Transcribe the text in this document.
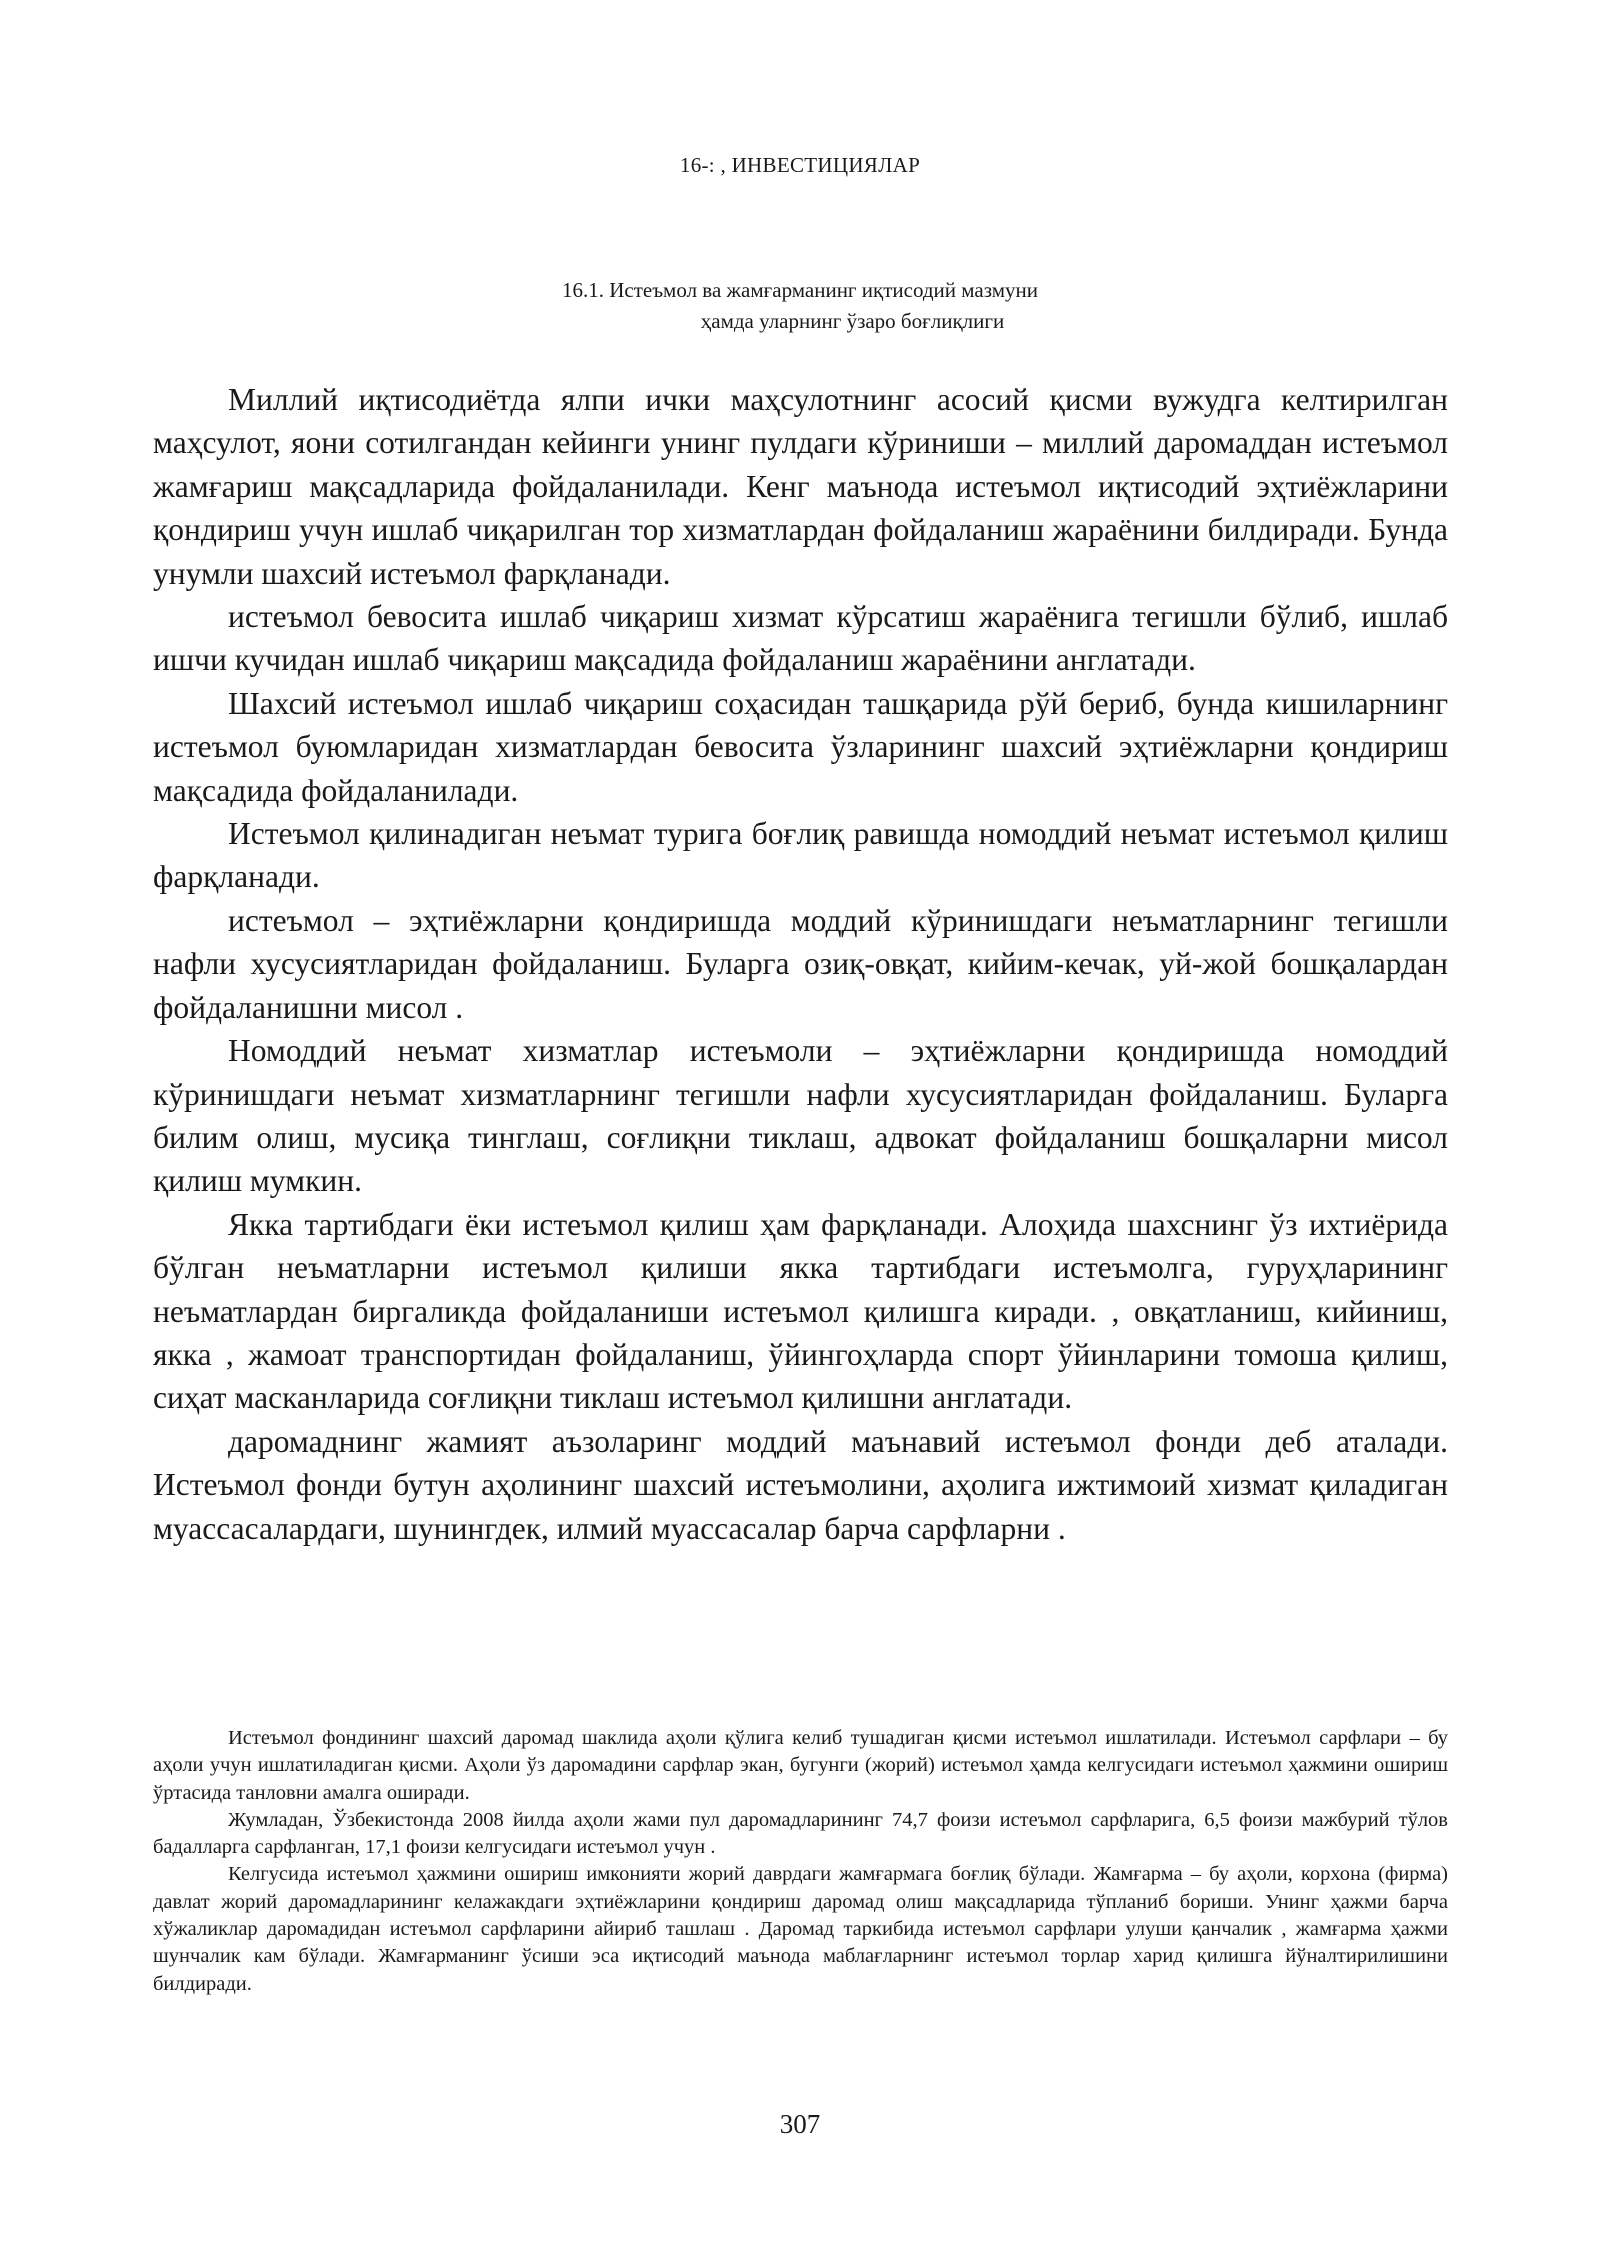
16-: , ИНВЕСТИЦИЯЛАР
16.1. Истеъмол ва жамғарманинг иқтисодий мазмуни
ҳамда уларнинг ўзаро боғлиқлиги

Миллий иқтисодиётда ялпи ички маҳсулотнинг асосий қисми вужудга келтирилган маҳсулот, яони сотилгандан кейинги унинг пулдаги кўриниши – миллий даромаддан истеъмол жамғариш мақсадларида фойдаланилади. Кенг маънода истеъмол иқтисодий эҳтиёжларини қондириш учун ишлаб чиқарилган тор хизматлардан фойдаланиш жараёнини билдиради. Бунда унумли шахсий истеъмол фарқланади.

истеъмол бевосита ишлаб чиқариш хизмат кўрсатиш жараёнига тегишли бўлиб, ишлаб ишчи кучидан ишлаб чиқариш мақсадида фойдаланиш жараёнини англатади.

Шахсий истеъмол ишлаб чиқариш соҳасидан ташқарида рўй бериб, бунда кишиларнинг истеъмол буюмларидан хизматлардан бевосита ўзларининг шахсий эҳтиёжларни қондириш мақсадида фойдаланилади.

Истеъмол қилинадиган неъмат турига боғлиқ равишда номоддий неъмат истеъмол қилиш фарқланади.

истеъмол – эҳтиёжларни қондиришда моддий кўринишдаги неъматларнинг тегишли нафли хусусиятларидан фойдаланиш. Буларга озиқ-овқат, кийим-кечак, уй-жой бошқалардан фойдаланишни мисол .

Номоддий неъмат хизматлар истеъмоли – эҳтиёжларни қондиришда номоддий кўринишдаги неъмат хизматларнинг тегишли нафли хусусиятларидан фойдаланиш. Буларга билим олиш, мусиқа тинглаш, соғлиқни тиклаш, адвокат фойдаланиш бошқаларни мисол қилиш мумкин.

Якка тартибдаги ёки истеъмол қилиш ҳам фарқланади. Алоҳида шахснинг ўз ихтиёрида бўлган неъматларни истеъмол қилиши якка тартибдаги истеъмолга, гуруҳларининг неъматлардан биргаликда фойдаланиши истеъмол қилишга киради. , овқатланиш, кийиниш, якка , жамоат транспортидан фойдаланиш, ўйингоҳларда спорт ўйинларини томоша қилиш, сиҳат масканларида соғлиқни тиклаш истеъмол қилишни англатади.

даромаднинг жамият аъзоларинг моддий маънавий истеъмол фонди деб аталади. Истеъмол фонди бутун аҳолининг шахсий истеъмолини, аҳолига ижтимоий хизмат қиладиган муассасалардаги, шунингдек, илмий муассасалар барча сарфларни .

Истеъмол фондининг шахсий даромад шаклида аҳоли қўлига келиб тушадиган қисми истеъмол ишлатилади. Истеъмол сарфлари – бу аҳоли учун ишлатиладиган қисми. Аҳоли ўз даромадини сарфлар экан, бугунги (жорий) истеъмол ҳамда келгусидаги истеъмол ҳажмини ошириш ўртасида танловни амалга оширади.

Жумладан, Ўзбекистонда 2008 йилда аҳоли жами пул даромадларининг 74,7 фоизи истеъмол сарфларига, 6,5 фоизи мажбурий тўлов бадалларга сарфланган, 17,1 фоизи келгусидаги истеъмол учун .

Келгусида истеъмол ҳажмини ошириш имконияти жорий даврдаги жамғармага боғлиқ бўлади. Жамғарма – бу аҳоли, корхона (фирма) давлат жорий даромадларининг келажакдаги эҳтиёжларини қондириш даромад олиш мақсадларида тўпланиб бориши. Унинг ҳажми барча хўжаликлар даромадидан истеъмол сарфларини айириб ташлаш . Даромад таркибида истеъмол сарфлари улуши қанчалик , жамғарма ҳажми шунчалик кам бўлади. Жамғарманинг ўсиши эса иқтисодий маънода маблағларнинг истеъмол торлар харид қилишга йўналтирилишини билдиради.

307
